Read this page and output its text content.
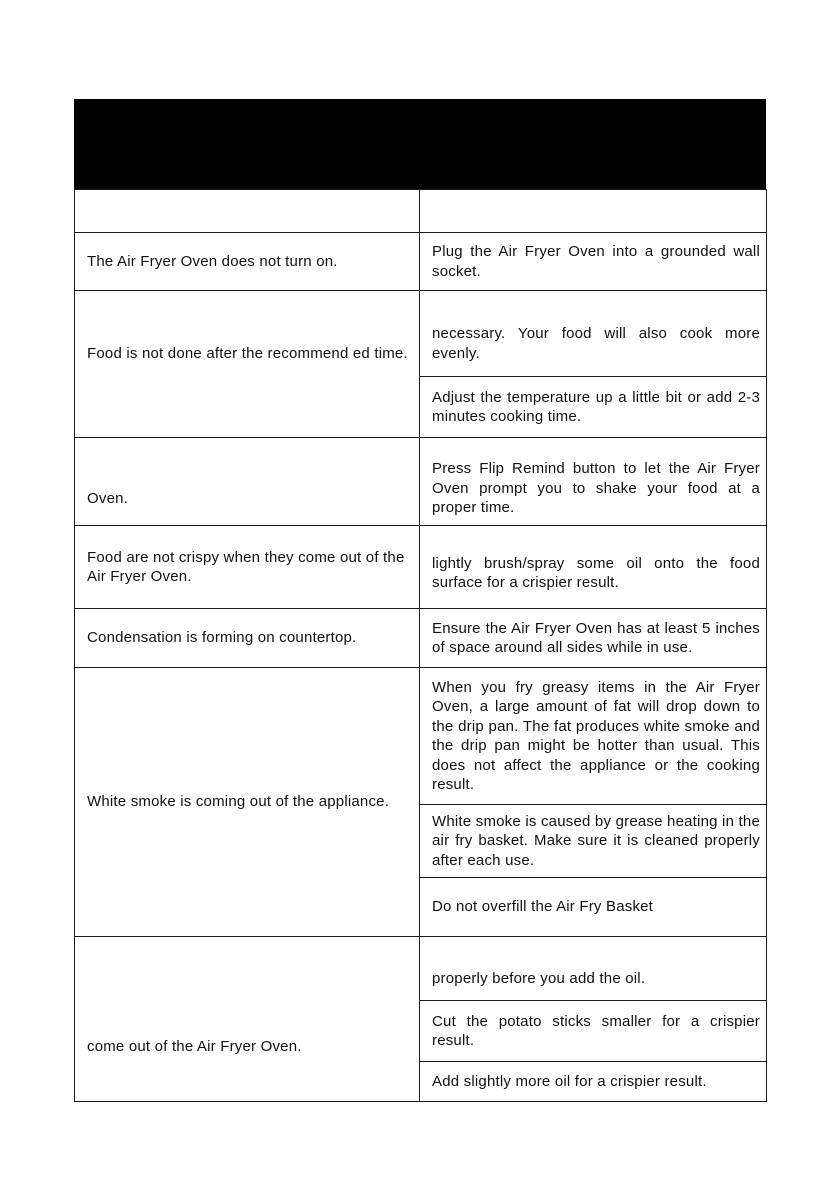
The Air Fryer Oven does not turn on.	Plug the Air Fryer Oven into a grounded wall socket.

Food is not done after the recommend ed time.	necessary. Your food will also cook more evenly.

	Adjust the temperature up a little bit or add 2-3 minutes cooking time.

Oven.	Press Flip Remind button to let the Air Fryer Oven prompt you to shake your food at a proper time.

Food are not crispy when they come out of the Air Fryer Oven.	lightly brush/spray some oil onto the food surface for a crispier result.

Condensation is forming on countertop.	Ensure the Air Fryer Oven has at least 5 inches of space around all sides while in use.

White smoke is coming out of the appliance.	When you fry greasy items in the Air Fryer Oven, a large amount of fat will drop down to the drip pan. The fat produces white smoke and the drip pan might be hotter than usual. This does not affect the appliance or the cooking result.

	White smoke is caused by grease heating in the air fry basket. Make sure it is cleaned properly after each use.

	Do not overfill the Air Fry Basket

come out of the Air Fryer Oven.	properly before you add the oil.

	Cut the potato sticks smaller for a crispier result.

	Add slightly more oil for a crispier result.
